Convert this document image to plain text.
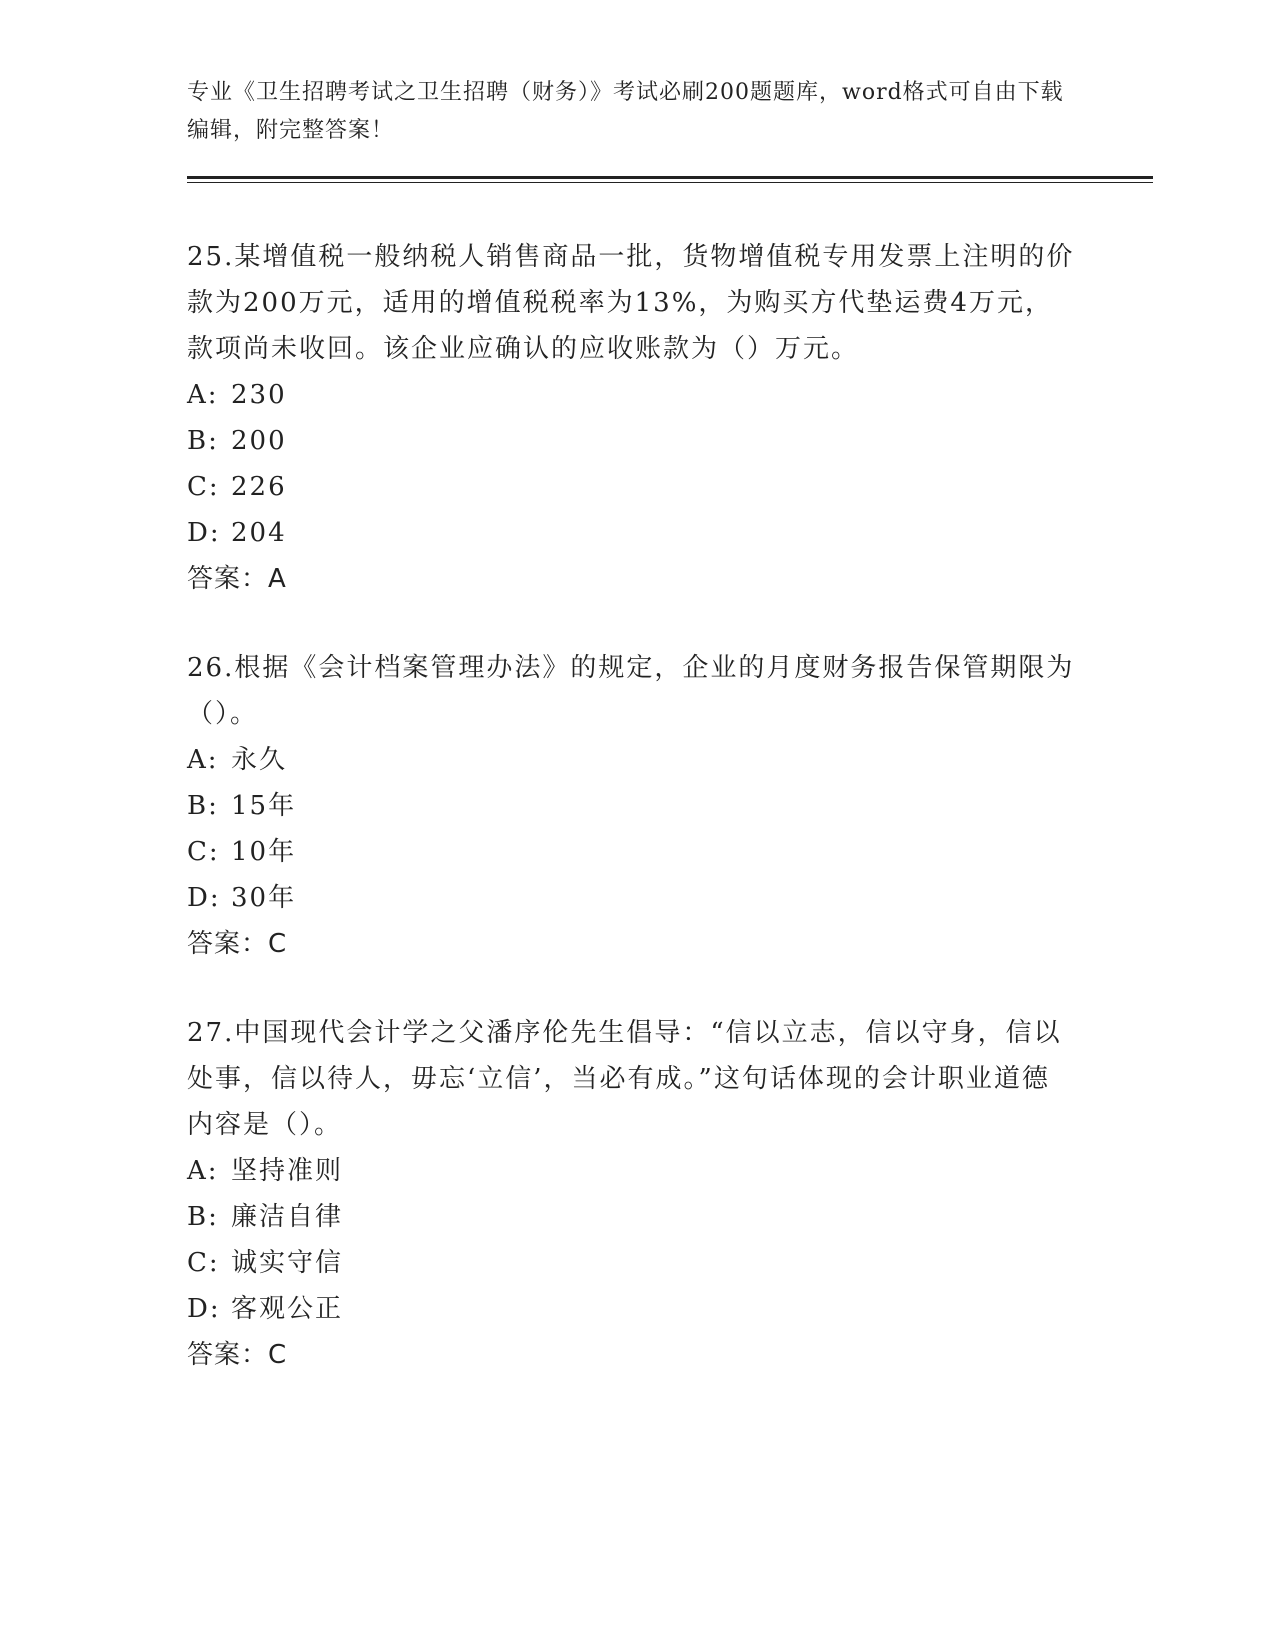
专业《卫生招聘考试之卫生招聘（财务）》考试必刷200题题库，word格式可自由下载编辑，附完整答案！
25.某增值税一般纳税人销售商品一批，货物增值税专用发票上注明的价款为200万元，适用的增值税税率为13%，为购买方代垫运费4万元，款项尚未收回。该企业应确认的应收账款为（）万元。
A: 230
B: 200
C: 226
D: 204
答案：A
26.根据《会计档案管理办法》的规定，企业的月度财务报告保管期限为（）。
A: 永久
B: 15年
C: 10年
D: 30年
答案：C
27.中国现代会计学之父潘序伦先生倡导：“信以立志，信以守身，信以处事，信以待人，毋忘‘立信’，当必有成。”这句话体现的会计职业道德内容是（）。
A: 坚持准则
B: 廉洁自律
C: 诚实守信
D: 客观公正
答案：C
